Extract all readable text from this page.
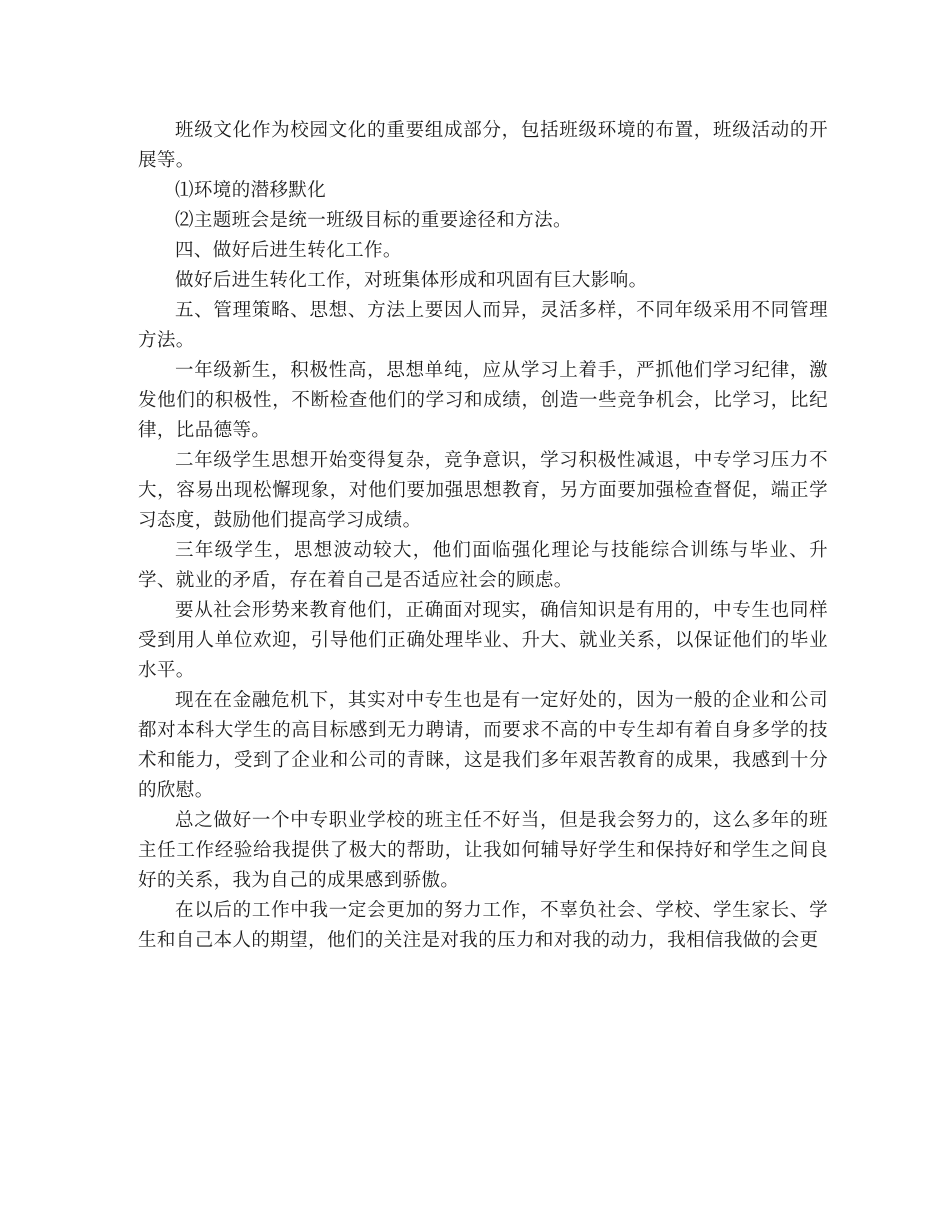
班级文化作为校园文化的重要组成部分，包括班级环境的布置，班级活动的开展等。

⑴环境的潜移默化

⑵主题班会是统一班级目标的重要途径和方法。

四、做好后进生转化工作。

做好后进生转化工作，对班集体形成和巩固有巨大影响。

五、管理策略、思想、方法上要因人而异，灵活多样，不同年级采用不同管理方法。

一年级新生，积极性高，思想单纯，应从学习上着手，严抓他们学习纪律，激发他们的积极性，不断检查他们的学习和成绩，创造一些竞争机会，比学习，比纪律，比品德等。

二年级学生思想开始变得复杂，竞争意识，学习积极性减退，中专学习压力不大，容易出现松懈现象，对他们要加强思想教育，另方面要加强检查督促，端正学习态度，鼓励他们提高学习成绩。

三年级学生，思想波动较大，他们面临强化理论与技能综合训练与毕业、升学、就业的矛盾，存在着自己是否适应社会的顾虑。

要从社会形势来教育他们，正确面对现实，确信知识是有用的，中专生也同样受到用人单位欢迎，引导他们正确处理毕业、升大、就业关系，以保证他们的毕业水平。

现在在金融危机下，其实对中专生也是有一定好处的，因为一般的企业和公司都对本科大学生的高目标感到无力聘请，而要求不高的中专生却有着自身多学的技术和能力，受到了企业和公司的青睐，这是我们多年艰苦教育的成果，我感到十分的欣慰。

总之做好一个中专职业学校的班主任不好当，但是我会努力的，这么多年的班主任工作经验给我提供了极大的帮助，让我如何辅导好学生和保持好和学生之间良好的关系，我为自己的成果感到骄傲。

在以后的工作中我一定会更加的努力工作，不辜负社会、学校、学生家长、学生和自己本人的期望，他们的关注是对我的压力和对我的动力，我相信我做的会更
